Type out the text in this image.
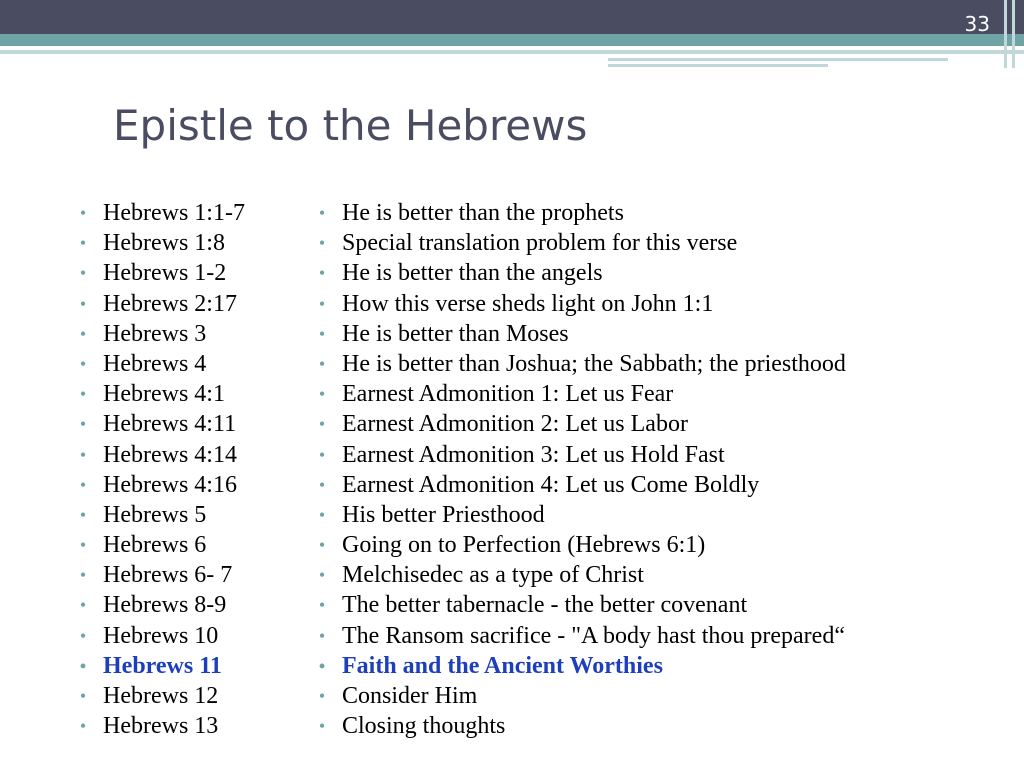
33
Epistle to the Hebrews
• Hebrews 1:1-7
• Hebrews 1:8
• Hebrews 1-2
• Hebrews 2:17
• Hebrews 3
• Hebrews 4
• Hebrews 4:1
• Hebrews 4:11
• Hebrews 4:14
• Hebrews 4:16
• Hebrews 5
• Hebrews 6
• Hebrews 6- 7
• Hebrews 8-9
• Hebrews 10
• Hebrews 11
• Hebrews 12
• Hebrews 13
• He is better than the prophets
• Special translation problem for this verse
• He is better than the angels
• How this verse sheds light on John 1:1
• He is better than Moses
• He is better than Joshua; the Sabbath; the priesthood
• Earnest Admonition 1: Let us Fear
• Earnest Admonition 2: Let us Labor
• Earnest Admonition 3: Let us Hold Fast
• Earnest Admonition 4: Let us Come Boldly
• His better Priesthood
• Going on to Perfection (Hebrews 6:1)
• Melchisedec as a type of Christ
• The better tabernacle - the better covenant
• The Ransom sacrifice - "A body hast thou prepared“
• Faith and the Ancient Worthies
• Consider Him
• Closing thoughts
